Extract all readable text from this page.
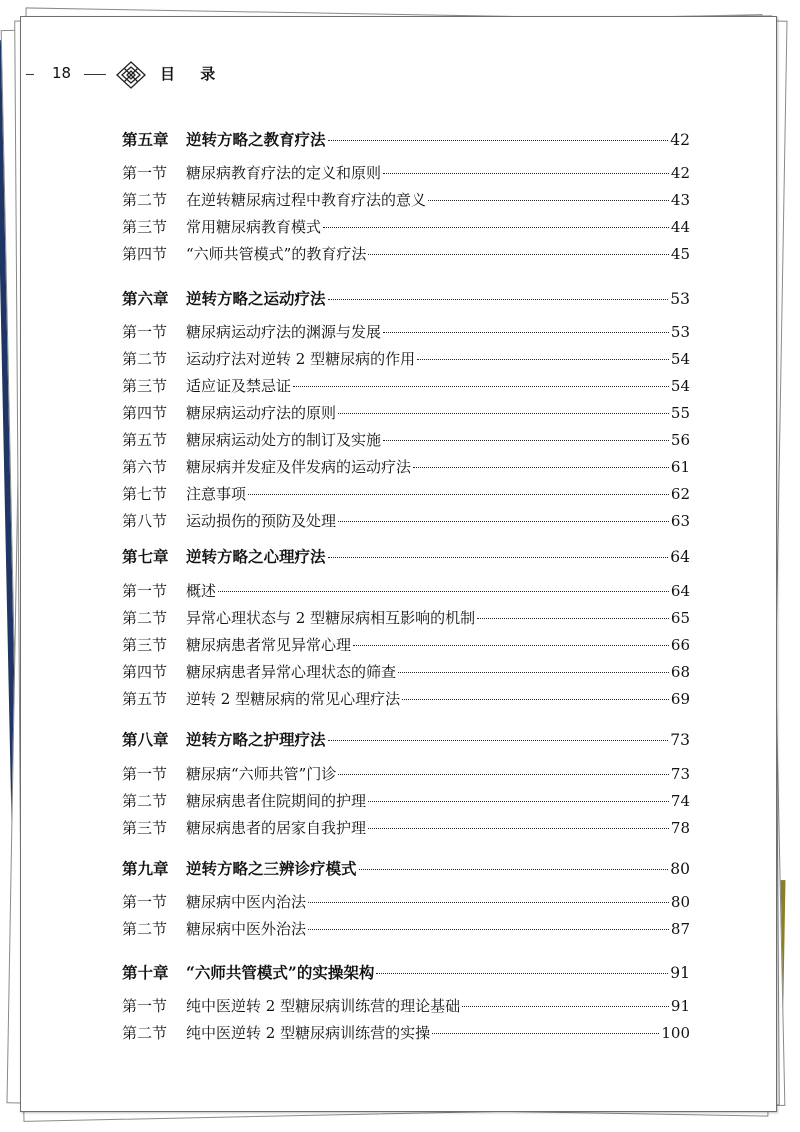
18	目 录
第五章	逆转方略之教育疗法	42
第一节	糖尿病教育疗法的定义和原则	42
第二节	在逆转糖尿病过程中教育疗法的意义	43
第三节	常用糖尿病教育模式	44
第四节	“六师共管模式”的教育疗法	45
第六章	逆转方略之运动疗法	53
第一节	糖尿病运动疗法的渊源与发展	53
第二节	运动疗法对逆转 2 型糖尿病的作用	54
第三节	适应证及禁忌证	54
第四节	糖尿病运动疗法的原则	55
第五节	糖尿病运动处方的制订及实施	56
第六节	糖尿病并发症及伴发病的运动疗法	61
第七节	注意事项	62
第八节	运动损伤的预防及处理	63
第七章	逆转方略之心理疗法	64
第一节	概述	64
第二节	异常心理状态与 2 型糖尿病相互影响的机制	65
第三节	糖尿病患者常见异常心理	66
第四节	糖尿病患者异常心理状态的筛查	68
第五节	逆转 2 型糖尿病的常见心理疗法	69
第八章	逆转方略之护理疗法	73
第一节	糖尿病“六师共管”门诊	73
第二节	糖尿病患者住院期间的护理	74
第三节	糖尿病患者的居家自我护理	78
第九章	逆转方略之三辨诊疗模式	80
第一节	糖尿病中医内治法	80
第二节	糖尿病中医外治法	87
第十章	“六师共管模式”的实操架构	91
第一节	纯中医逆转 2 型糖尿病训练营的理论基础	91
第二节	纯中医逆转 2 型糖尿病训练营的实操	100
